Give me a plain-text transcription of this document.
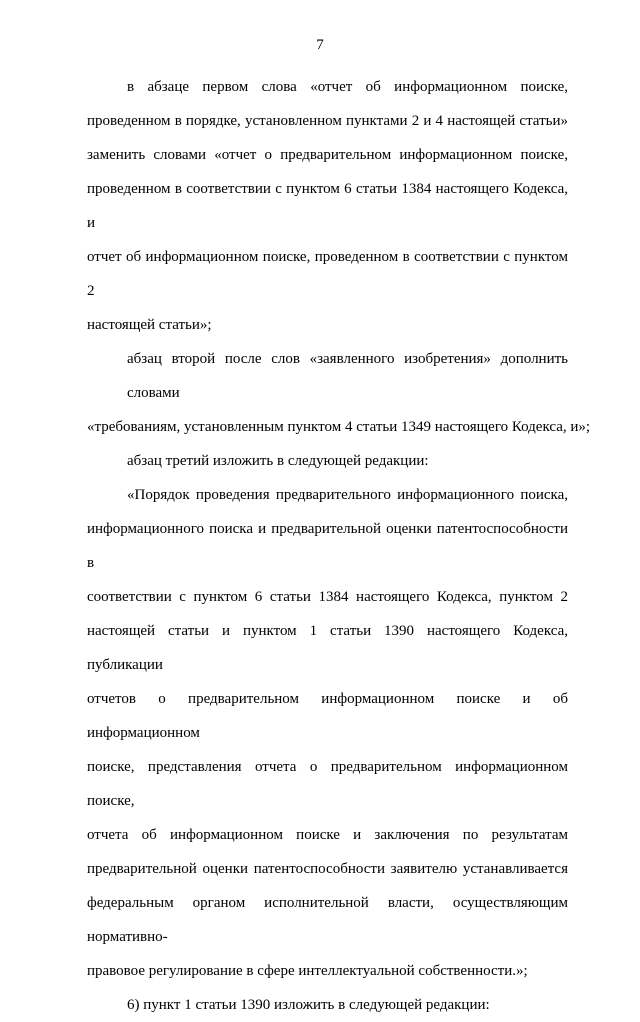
7
в абзаце первом слова «отчет об информационном поиске,
проведенном в порядке, установленном пунктами 2 и 4 настоящей статьи»
заменить словами «отчет о предварительном информационном поиске,
проведенном в соответствии с пунктом 6 статьи 1384 настоящего Кодекса, и
отчет об информационном поиске, проведенном в соответствии с пунктом 2
настоящей статьи»;
абзац второй после слов «заявленного изобретения» дополнить словами
«требованиям, установленным пунктом 4 статьи 1349 настоящего Кодекса, и»;
абзац третий изложить в следующей редакции:
«Порядок проведения предварительного информационного поиска,
информационного поиска и предварительной оценки патентоспособности в
соответствии с пунктом 6 статьи 1384 настоящего Кодекса, пунктом 2
настоящей статьи и пунктом 1 статьи 1390 настоящего Кодекса, публикации
отчетов о предварительном информационном поиске и об информационном
поиске, представления отчета о предварительном информационном поиске,
отчета об информационном поиске и заключения по результатам
предварительной оценки патентоспособности заявителю устанавливается
федеральным органом исполнительной власти, осуществляющим нормативно-
правовое регулирование в сфере интеллектуальной собственности.»;
6) пункт 1 статьи 1390 изложить в следующей редакции:
